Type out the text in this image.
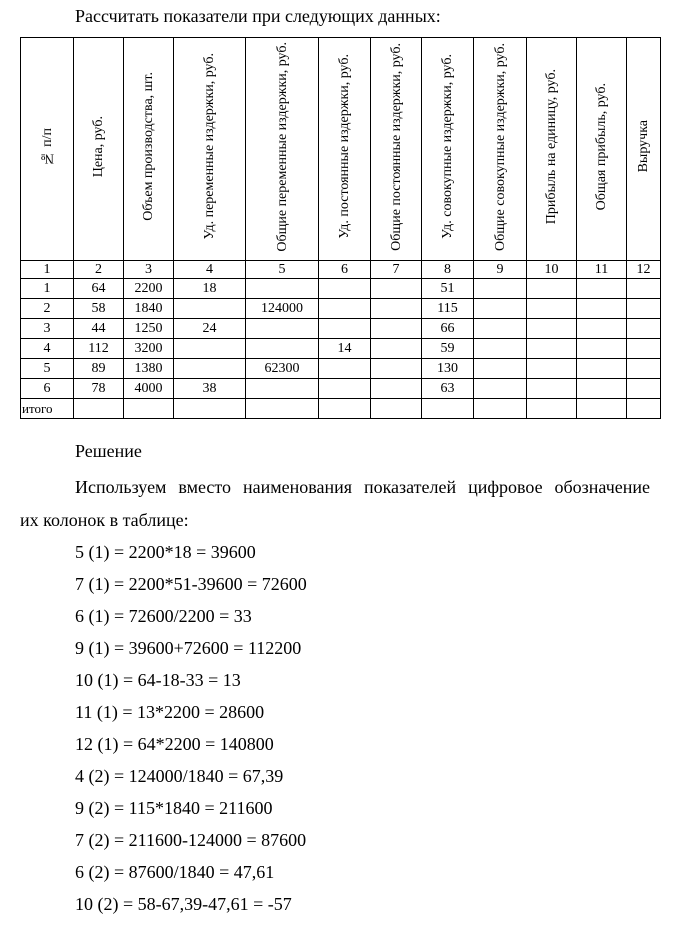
Рассчитать показатели при следующих данных:
№ п/п	Цена, руб.	Объем производства, шт.	Уд. переменные издержки, руб.	Общие переменные издержки, руб.	Уд. постоянные издержки, руб.	Общие постоянные издержки, руб.	Уд. совокупные издержки, руб.	Общие совокупные издержки, руб.	Прибыль на единицу, руб.	Общая прибыль, руб.	Выручка
1	2	3	4	5	6	7	8	9	10	11	12
1	64	2200	18				51				
2	58	1840		124000			115				
3	44	1250	24				66				
4	112	3200			14		59				
5	89	1380		62300			130				
6	78	4000	38				63				
итого											
Решение
Используем вместо наименования показателей цифровое обозначение
их колонок в таблице:
5 (1) = 2200*18 = 39600
7 (1) = 2200*51-39600 = 72600
6 (1) = 72600/2200 = 33
9 (1) = 39600+72600 = 112200
10 (1) = 64-18-33 = 13
11 (1) = 13*2200 = 28600
12 (1) = 64*2200 = 140800
4 (2) = 124000/1840 = 67,39
9 (2) = 115*1840 = 211600
7 (2) = 211600-124000 = 87600
6 (2) = 87600/1840 = 47,61
10 (2) = 58-67,39-47,61 = -57
